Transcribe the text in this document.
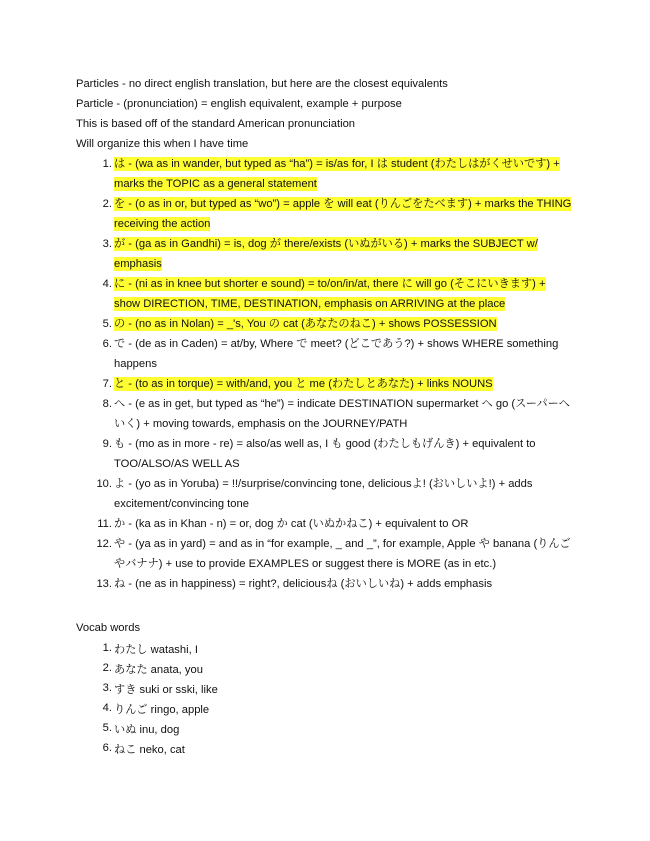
Particles - no direct english translation, but here are the closest equivalents
Particle - (pronunciation) = english equivalent, example + purpose
This is based off of the standard American pronunciation
Will organize this when I have time
1. は - (wa as in wander, but typed as “ha”) = is/as for, I は student (わたしはがくせいです) + marks the TOPIC as a general statement
2. を - (o as in or, but typed as “wo”) = apple を will eat (りんごをたべます) + marks the THING receiving the action
3. が - (ga as in Gandhi) = is, dog が there/exists (いぬがいる) + marks the SUBJECT w/ emphasis
4. に - (ni as in knee but shorter e sound) = to/on/in/at, there に will go (そこにいきます) + show DIRECTION, TIME, DESTINATION, emphasis on ARRIVING at the place
5. の - (no as in Nolan) = _'s, You の cat (あなたのねこ) + shows POSSESSION
6. で - (de as in Caden) = at/by, Where で meet? (どこであう?) + shows WHERE something happens
7. と - (to as in torque) = with/and, you と me (わたしとあなた) + links NOUNS
8. へ - (e as in get, but typed as “he”) = indicate DESTINATION supermarket へ go (スーパーへいく) + moving towards, emphasis on the JOURNEY/PATH
9. も - (mo as in more - re) = also/as well as, I も good (わたしもげんき) + equivalent to TOO/ALSO/AS WELL AS
10. よ - (yo as in Yoruba) = !!/surprise/convincing tone, deliciousよ! (おいしいよ!) + adds excitement/convincing tone
11. か - (ka as in Khan - n) = or, dog か cat (いぬかねこ) + equivalent to OR
12. や - (ya as in yard) = and as in “for example, _ and _”, for example, Apple や banana (りんごやバナナ) + use to provide EXAMPLES or suggest there is MORE (as in etc.)
13. ね - (ne as in happiness) = right?, deliciousね (おいしいね) + adds emphasis
Vocab words
1. わたし watashi, I
2. あなた anata, you
3. すき suki or sski, like
4. りんご ringo, apple
5. いぬ inu, dog
6. ねこ neko, cat
